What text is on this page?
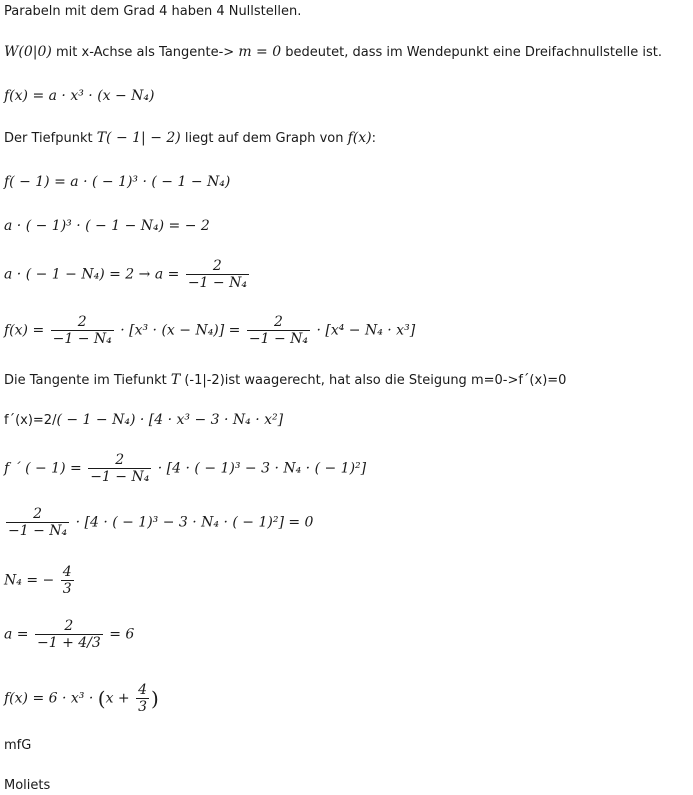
Parabeln mit dem Grad 4 haben 4 Nullstellen.
W(0|0) mit x-Achse als Tangente-> m = 0 bedeutet, dass im Wendepunkt eine Dreifachnullstelle ist.
f(x) = a · x³ · (x − N₄)
Der Tiefpunkt T( − 1| − 2) liegt auf dem Graph von f(x):
f( − 1) = a · ( − 1)³ · ( − 1 − N₄)
a · ( − 1)³ · ( − 1 − N₄) = − 2
a · ( − $1 - N_4) = 2 \to a = \frac{2}{\text{−1 − N₄}}$
$f(x) = \frac{2}{\text{−1 − N₄}} \cdot [x^3 \cdot (x - N_4)] = \frac{2}{\text{−1 − N₄}} \cdot [x^4 - N_4 \cdot x^3]$
Die Tangente im Tiefunkt T (-1|-2)ist waagerecht, hat also die Steigung m=0->f´(x)=0
f´(x)=2/( − 1 − N₄) · [4 · x³ − 3 · N₄ · x²]
f ´ ( − $1) = \frac{2}{\text{−1 − N₄}} \cdot [4$ · ( − 1)³ − 3 · N₄ · ( − 1)²]
$\frac{2}{\text{−1 − N₄}} \cdot [4$ · ( − 1)³ − 3 · N₄ · ( − 1)²] = 0
N₄ = − $\frac{4}{3}$
$a = \frac{2}{-1 + 4/3} = 6$
$f(x) = 6 \cdot x^3 \cdot (x + \frac{4}{3}$ )
mfG
Moliets
